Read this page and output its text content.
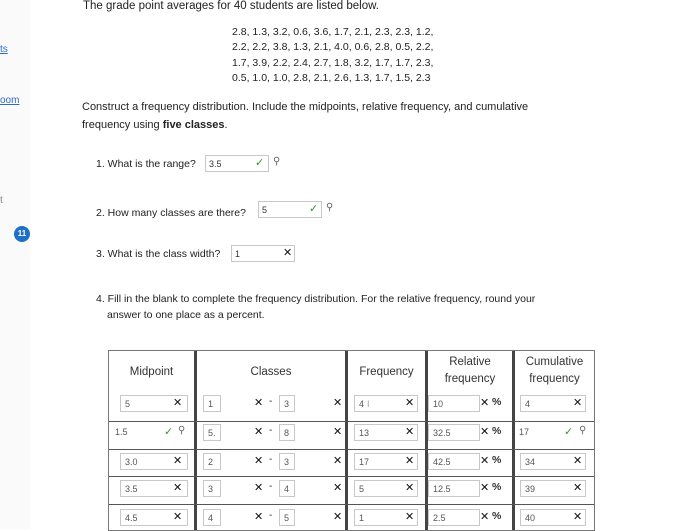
ts
oom
t
11
The grade point averages for 40 students are listed below.
2.8, 1.3, 3.2, 0.6, 3.6, 1.7, 2.1, 2.3, 2.3, 1.2,
2.2, 2.2, 3.8, 1.3, 2.1, 4.0, 0.6, 2.8, 0.5, 2.2,
1.7, 3.9, 2.2, 2.4, 2.7, 1.8, 3.2, 1.7, 1.7, 2.3,
0.5, 1.0, 1.0, 2.8, 2.1, 2.6, 1.3, 1.7, 1.5, 2.3
Construct a frequency distribution. Include the midpoints, relative frequency, and cumulative
frequency using five classes.
1. What is the range?	3.5	✓ ⚲
2. How many classes are there?	5	✓ ⚲
3. What is the class width?	1	✕
4. Fill in the blank to complete the frequency distribution. For the relative frequency, round your
answer to one place as a percent.
Midpoint	Classes	Frequency
Relative
frequency
Cumulative
frequency
5	✕	1	✕ -	3	✕	4 I	✕	10	✕ %	4	✕
1.5	✓ ⚲	5.	✕ -	8	✕	13	✕	32.5	✕ %	17	✓ ⚲
3.0	✕	2	✕ -	3	✕	17	✕	42.5	✕ %	34	✕
3.5	✕	3	✕ -	4	✕	5	✕	12.5	✕ %	39	✕
4.5	✕	4	✕ -	5	✕	1	✕	2.5	✕ %	40	✕
